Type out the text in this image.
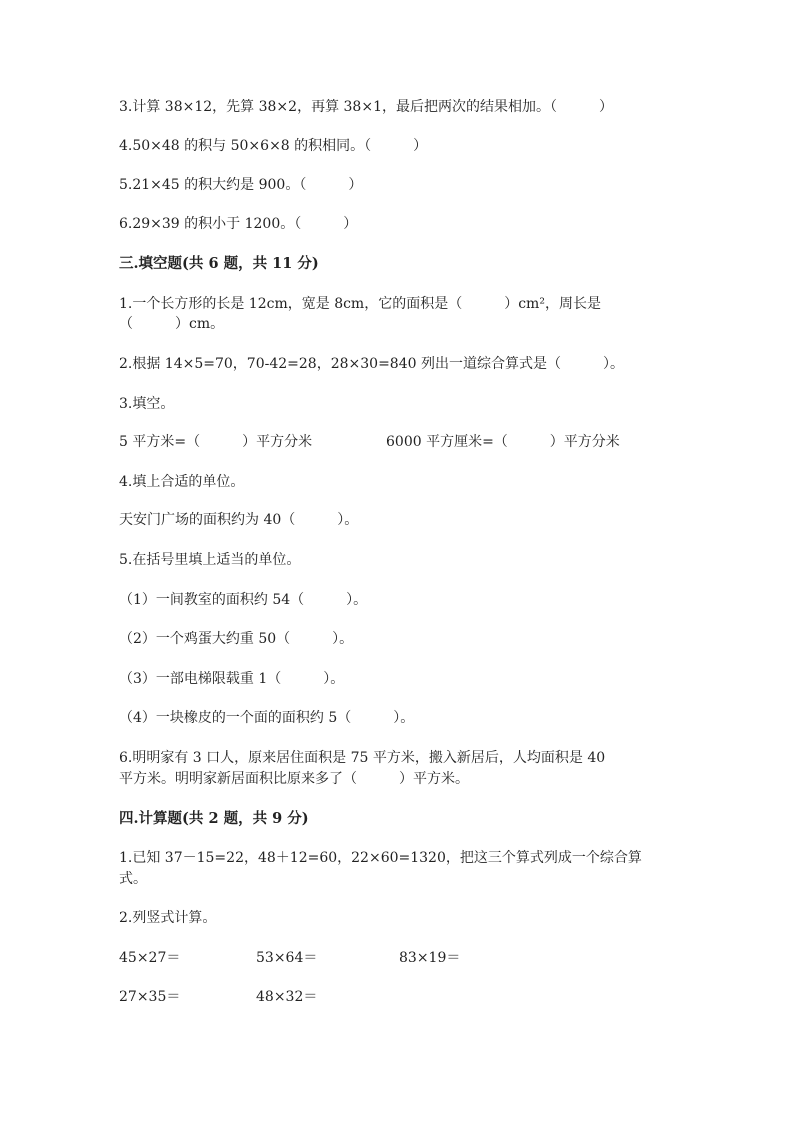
3.计算 38×12，先算 38×2，再算 38×1，最后把两次的结果相加。（　　　）
4.50×48 的积与 50×6×8 的积相同。（　　　）
5.21×45 的积大约是 900。（　　　）
6.29×39 的积小于 1200。（　　　）
三.填空题(共 6 题，共 11 分)
1.一个长方形的长是 12cm，宽是 8cm，它的面积是（　　　）cm²，周长是
（　　　）cm。
2.根据 14×5=70，70-42=28，28×30=840 列出一道综合算式是（　　　）。
3.填空。
5 平方米=（　　　）平方分米	6000 平方厘米=（　　　）平方分米
4.填上合适的单位。
天安门广场的面积约为 40（　　　）。
5.在括号里填上适当的单位。
（1）一间教室的面积约 54（　　　）。
（2）一个鸡蛋大约重 50（　　　）。
（3）一部电梯限载重 1（　　　）。
（4）一块橡皮的一个面的面积约 5（　　　）。
6.明明家有 3 口人，原来居住面积是 75 平方米，搬入新居后，人均面积是 40
平方米。明明家新居面积比原来多了（　　　）平方米。
四.计算题(共 2 题，共 9 分)
1.已知 37－15=22，48＋12=60，22×60=1320，把这三个算式列成一个综合算
式。
2.列竖式计算。
45×27＝	53×64＝	83×19＝
27×35＝	48×32＝
